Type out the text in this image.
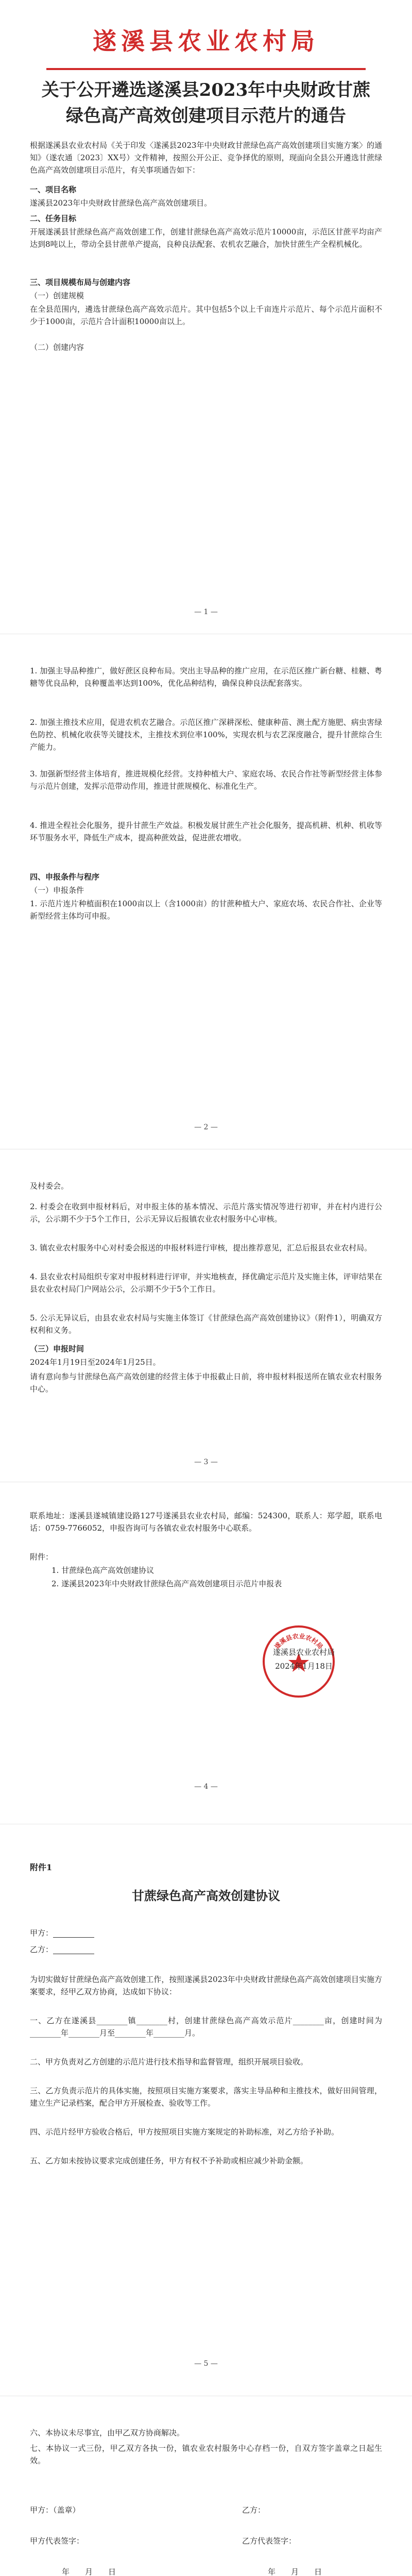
遂溪县农业农村局
关于公开遴选遂溪县2023年中央财政甘蔗
绿色高产高效创建项目示范片的通告
根据遂溪县农业农村局《关于印发〈遂溪县2023年中央财政甘蔗绿色高产高效创建项目实施方案〉的通知》（遂农通〔2023〕XX号）文件精神，按照公开公正、竞争择优的原则，现面向全县公开遴选甘蔗绿色高产高效创建项目示范片，有关事项通告如下：
一、项目名称
遂溪县2023年中央财政甘蔗绿色高产高效创建项目。
二、任务目标
开展遂溪县甘蔗绿色高产高效创建工作，创建甘蔗绿色高产高效示范片10000亩，示范区甘蔗平均亩产达到8吨以上，带动全县甘蔗单产提高，良种良法配套、农机农艺融合，加快甘蔗生产全程机械化。
三、项目规模布局与创建内容
（一）创建规模
在全县范围内，遴选甘蔗绿色高产高效示范片。其中包括5个以上千亩连片示范片、每个示范片面积不少于1000亩，示范片合计面积10000亩以上。
（二）创建内容
— 1 —
1. 加强主导品种推广，做好蔗区良种布局。突出主导品种的推广应用，在示范区推广新台糖、桂糖、粤糖等优良品种，良种覆盖率达到100%，优化品种结构，确保良种良法配套落实。
2. 加强主推技术应用，促进农机农艺融合。示范区推广深耕深松、健康种苗、测土配方施肥、病虫害绿色防控、机械化收获等关键技术，主推技术到位率100%，实现农机与农艺深度融合，提升甘蔗综合生产能力。
3. 加强新型经营主体培育，推进规模化经营。支持种植大户、家庭农场、农民合作社等新型经营主体参与示范片创建，发挥示范带动作用，推进甘蔗规模化、标准化生产。
4. 推进全程社会化服务，提升甘蔗生产效益。积极发展甘蔗生产社会化服务，提高机耕、机种、机收等环节服务水平，降低生产成本，提高种蔗效益，促进蔗农增收。
四、申报条件与程序
（一）申报条件
1. 示范片连片种植面积在1000亩以上（含1000亩）的甘蔗种植大户、家庭农场、农民合作社、企业等新型经营主体均可申报。
— 2 —
及村委会。
2. 村委会在收到申报材料后，对申报主体的基本情况、示范片落实情况等进行初审，并在村内进行公示，公示期不少于5个工作日，公示无异议后报镇农业农村服务中心审核。
3. 镇农业农村服务中心对村委会报送的申报材料进行审核，提出推荐意见，汇总后报县农业农村局。
4. 县农业农村局组织专家对申报材料进行评审，并实地核查，择优确定示范片及实施主体，评审结果在县农业农村局门户网站公示，公示期不少于5个工作日。
5. 公示无异议后，由县农业农村局与实施主体签订《甘蔗绿色高产高效创建协议》（附件1），明确双方权利和义务。
（三）申报时间
2024年1月19日至2024年1月25日。
请有意向参与甘蔗绿色高产高效创建的经营主体于申报截止日前，将申报材料报送所在镇农业农村服务中心。
— 3 —
联系地址：遂溪县遂城镇建设路127号遂溪县农业农村局，邮编：524300，联系人：郑学超，联系电话：0759-7766052，申报咨询可与各镇农业农村服务中心联系。
附件：
1. 甘蔗绿色高产高效创建协议
2. 遂溪县2023年中央财政甘蔗绿色高产高效创建项目示范片申报表
遂溪县农业农村局
遂溪县农业农村局
2024年1月18日
— 4 —
附件1
甘蔗绿色高产高效创建协议
甲方：
乙方：
为切实做好甘蔗绿色高产高效创建工作，按照遂溪县2023年中央财政甘蔗绿色高产高效创建项目实施方案要求，经甲乙双方协商，达成如下协议：
一、乙方在遂溪县________镇________村，创建甘蔗绿色高产高效示范片________亩，创建时间为________年________月至________年________月。
二、甲方负责对乙方创建的示范片进行技术指导和监督管理，组织开展项目验收。
三、乙方负责示范片的具体实施，按照项目实施方案要求，落实主导品种和主推技术，做好田间管理，建立生产记录档案，配合甲方开展检查、验收等工作。
四、示范片经甲方验收合格后，甲方按照项目实施方案规定的补助标准，对乙方给予补助。
五、乙方如未按协议要求完成创建任务，甲方有权不予补助或相应减少补助金额。
— 5 —
六、本协议未尽事宜，由甲乙双方协商解决。
七、本协议一式三份，甲乙双方各执一份，镇农业农村服务中心存档一份，自双方签字盖章之日起生效。
甲方：（盖章）	乙方：
甲方代表签字：	乙方代表签字：
年　　月　　日	年　　月　　日
